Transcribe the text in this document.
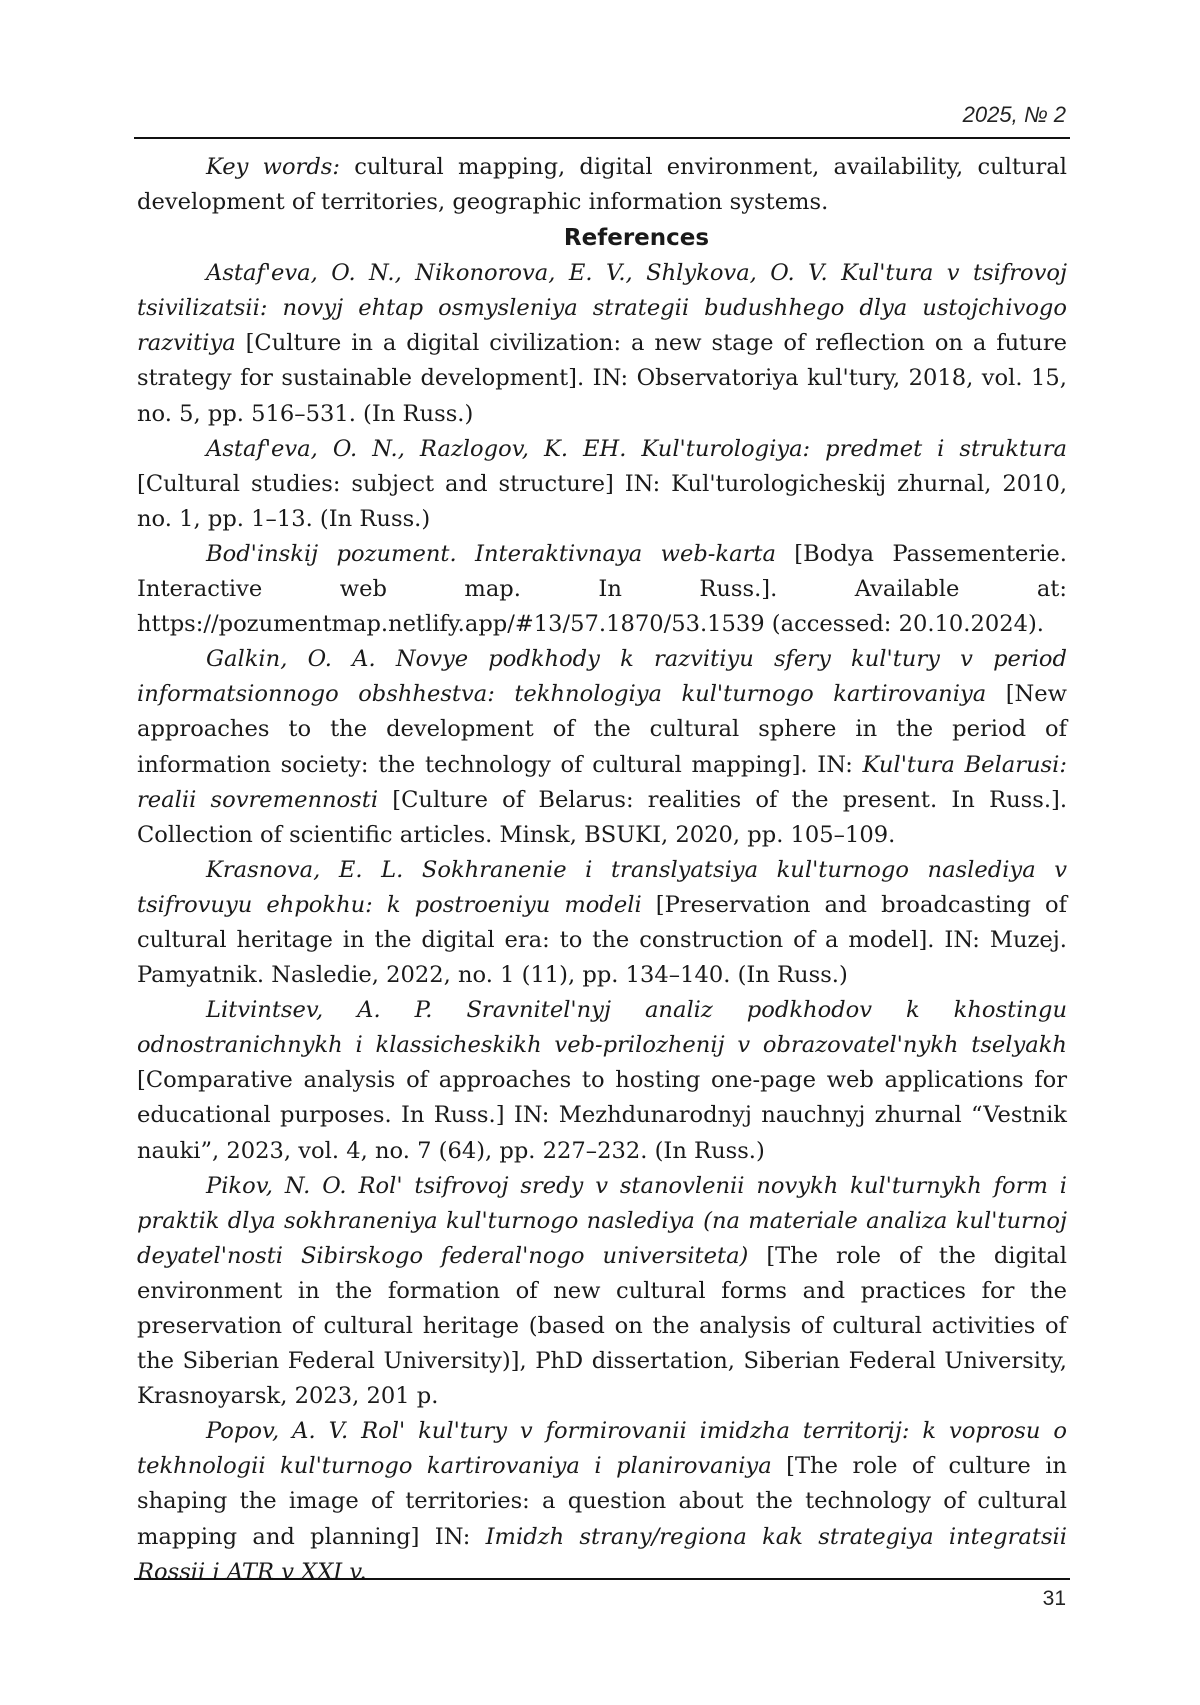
2025, № 2

Key words: cultural mapping, digital environment, availability, cultural development of territories, geographic information systems.

References

Astaf'eva, O. N., Nikonorova, E. V., Shlykova, O. V. Kul'tura v tsifrovoj tsivilizatsii: novyj ehtap osmysleniya strategii budushhego dlya ustojchivogo razvitiya [Culture in a digital civilization: a new stage of reflection on a future strategy for sustainable development]. IN: Observatoriya kul'tury, 2018, vol. 15, no. 5, pp. 516–531. (In Russ.)

Astaf'eva, O. N., Razlogov, K. EH. Kul'turologiya: predmet i struktura [Cultural studies: subject and structure] IN: Kul'turologicheskij zhurnal, 2010, no. 1, pp. 1–13. (In Russ.)

Bod'inskij pozument. Interaktivnaya web-karta [Bodya Passementerie. Interactive web map. In Russ.]. Available at: https://pozumentmap.netlify.app/#13/57.​1870/53.1539 (accessed: 20.10.2024).

Galkin, O. A. Novye podkhody k razvitiyu sfery kul'tury v period informatsionnogo obshhestva: tekhnologiya kul'turnogo kartirovaniya [New approaches to the development of the cultural sphere in the period of information society: the technology of cultural mapping]. IN: Kul'tura Belarusi: realii sovremennosti [Culture of Belarus: realities of the present. In Russ.]. Collection of scientific articles. Minsk, BSUKI, 2020, pp. 105–109.

Krasnova, E. L. Sokhranenie i translyatsiya kul'turnogo naslediya v tsifrovuyu ehpokhu: k postroeniyu modeli [Preservation and broadcasting of cultural heritage in the digital era: to the construction of a model]. IN: Muzej. Pamyatnik. Nasledie, 2022, no. 1 (11), pp. 134–140. (In Russ.)

Litvintsev, A. P. Sravnitel'nyj analiz podkhodov k khostingu odnostranichnykh i klassicheskikh veb-prilozhenij v obrazovatel'nykh tselyakh [Comparative analysis of approaches to hosting one-page web applications for educational purposes. In Russ.] IN: Mezhdunarodnyj nauchnyj zhurnal “Vestnik nauki”, 2023, vol. 4, no. 7 (64), pp. 227–232. (In Russ.)

Pikov, N. O. Rol' tsifrovoj sredy v stanovlenii novykh kul'turnykh form i praktik dlya sokhraneniya kul'turnogo naslediya (na materiale analiza kul'turnoj deyatel'nosti Sibirskogo federal'nogo universiteta) [The role of the digital environment in the formation of new cultural forms and practices for the preservation of cultural heritage (based on the analysis of cultural activities of the Siberian Federal University)], PhD dissertation, Siberian Federal University, Krasnoyarsk, 2023, 201 p.

Popov, A. V. Rol' kul'tury v formirovanii imidzha territorij: k voprosu o tekhnologii kul'turnogo kartirovaniya i planirovaniya [The role of culture in shaping the image of territories: a question about the technology of cultural mapping and planning] IN: Imidzh strany/regiona kak strategiya integratsii Rossii i ATR v XXI v.

31
